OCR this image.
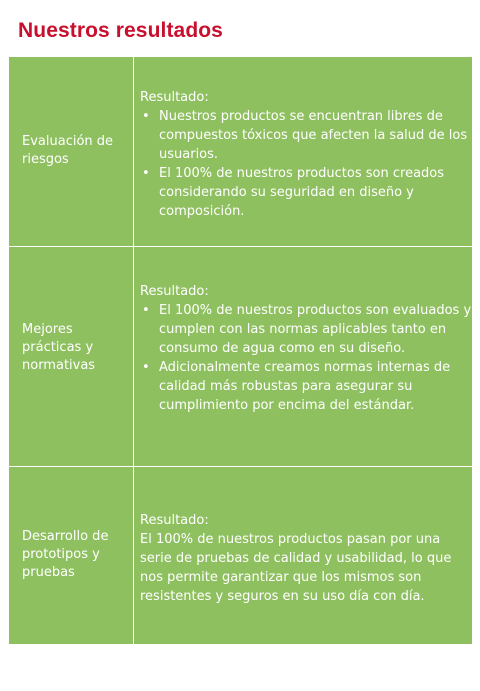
Nuestros resultados
Evaluación de riesgos
Resultado:
• Nuestros productos se encuentran libres de compuestos tóxicos que afecten la salud de los usuarios.
• El 100% de nuestros productos son creados considerando su seguridad en diseño y composición.
Mejores prácticas y normativas
Resultado:
• El 100% de nuestros productos son evaluados y cumplen con las normas aplicables tanto en consumo de agua como en su diseño.
• Adicionalmente creamos normas internas de calidad más robustas para asegurar su cumplimiento por encima del estándar.
Desarrollo de prototipos y pruebas
Resultado:
El 100% de nuestros productos pasan por una serie de pruebas de calidad y usabilidad, lo que nos permite garantizar que los mismos son resistentes y seguros en su uso día con día.
